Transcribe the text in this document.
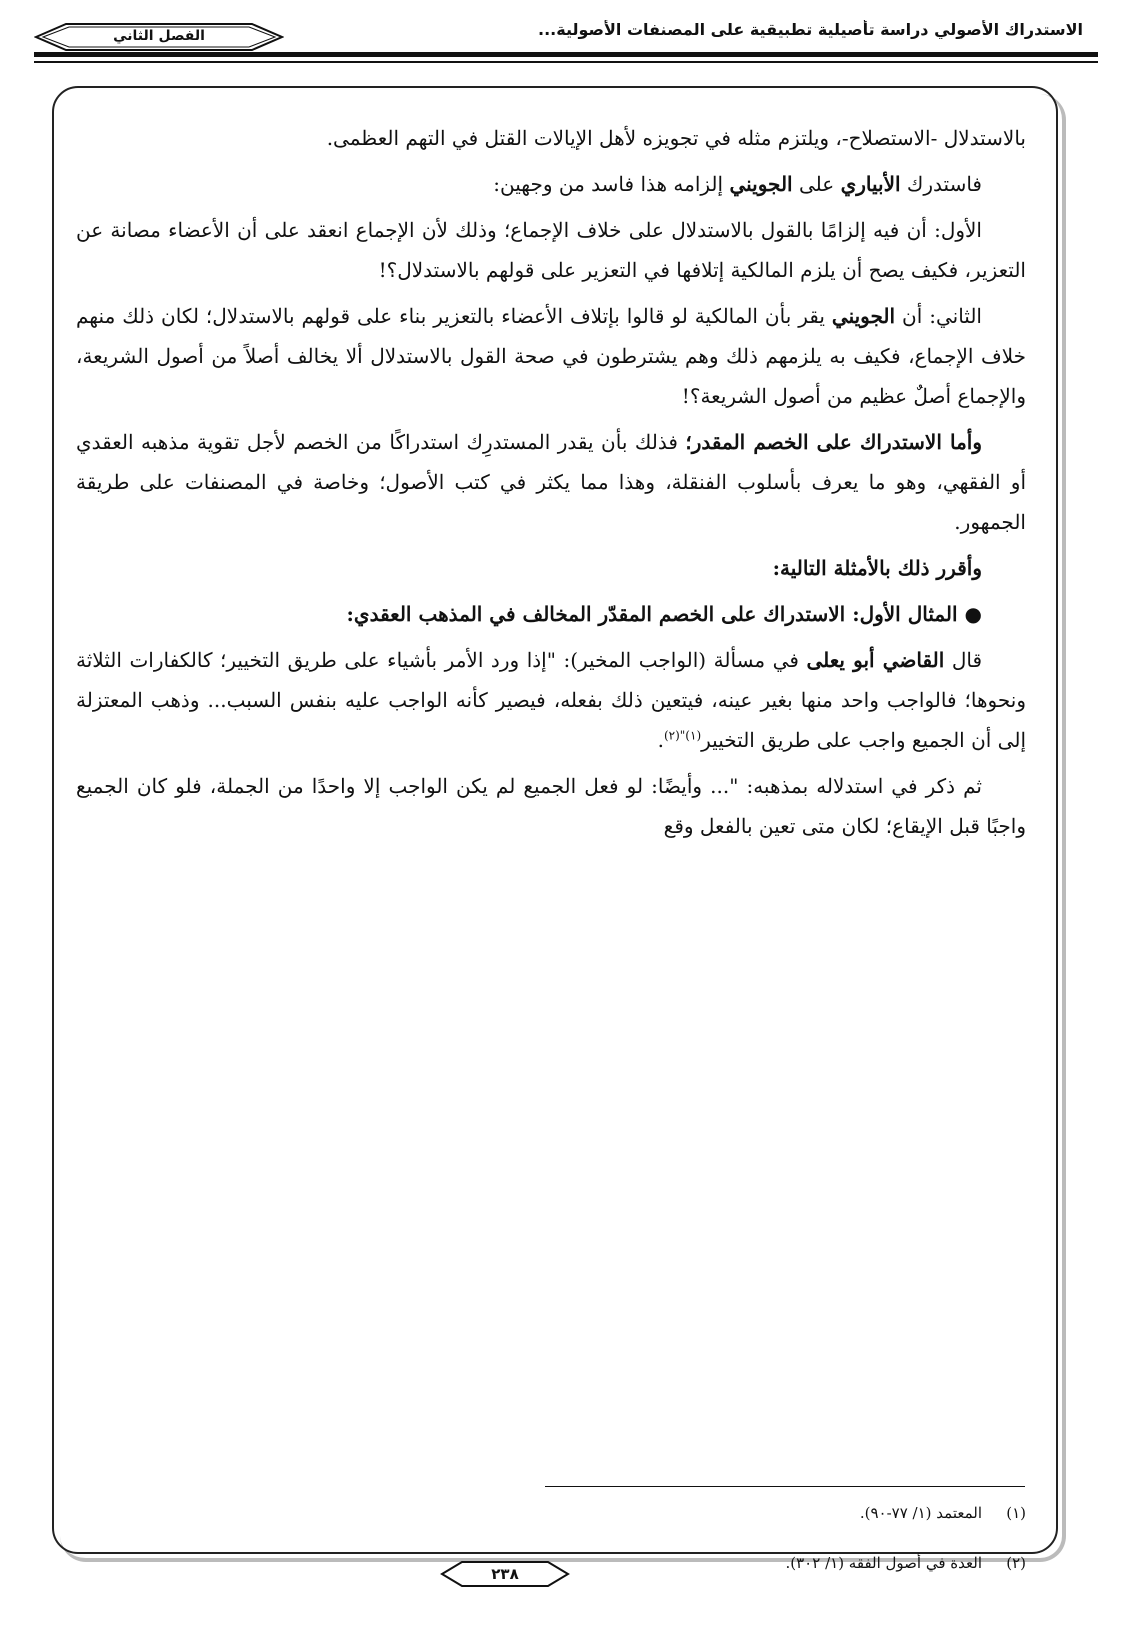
الاستدراك الأصولي دراسة تأصيلية تطبيقية على المصنفات الأصولية...
الفصل الثاني

بالاستدلال -الاستصلاح-، ويلتزم مثله في تجويزه لأهل الإيالات القتل في التهم العظمى.

فاستدرك الأبياري على الجويني إلزامه هذا فاسد من وجهين:

الأول: أن فيه إلزامًا بالقول بالاستدلال على خلاف الإجماع؛ وذلك لأن الإجماع انعقد على أن الأعضاء مصانة عن التعزير، فكيف يصح أن يلزم المالكية إتلافها في التعزير على قولهم بالاستدلال؟!

الثاني: أن الجويني يقر بأن المالكية لو قالوا بإتلاف الأعضاء بالتعزير بناء على قولهم بالاستدلال؛ لكان ذلك منهم خلاف الإجماع، فكيف به يلزمهم ذلك وهم يشترطون في صحة القول بالاستدلال ألا يخالف أصلاً من أصول الشريعة، والإجماع أصلٌ عظيم من أصول الشريعة؟!

وأما الاستدراك على الخصم المقدر؛ فذلك بأن يقدر المستدرِك استدراكًا من الخصم لأجل تقوية مذهبه العقدي أو الفقهي، وهو ما يعرف بأسلوب الفنقلة، وهذا مما يكثر في كتب الأصول؛ وخاصة في المصنفات على طريقة الجمهور.

وأقرر ذلك بالأمثلة التالية:

● المثال الأول: الاستدراك على الخصم المقدّر المخالف في المذهب العقدي:

قال القاضي أبو يعلى في مسألة (الواجب المخير): "إذا ورد الأمر بأشياء على طريق التخيير؛ كالكفارات الثلاثة ونحوها؛ فالواجب واحد منها بغير عينه، فيتعين ذلك بفعله، فيصير كأنه الواجب عليه بنفس السبب... وذهب المعتزلة إلى أن الجميع واجب على طريق التخيير$^{(١)"(٢)}$.

ثم ذكر في استدلاله بمذهبه: "... وأيضًا: لو فعل الجميع لم يكن الواجب إلا واحدًا من الجملة، فلو كان الجميع واجبًا قبل الإيقاع؛ لكان متى تعين بالفعل وقع

(١)المعتمد (١/ ٧٧-٩٠).
(٢)العدة في أصول الفقه (١/ ٣٠٢).
٢٣٨
